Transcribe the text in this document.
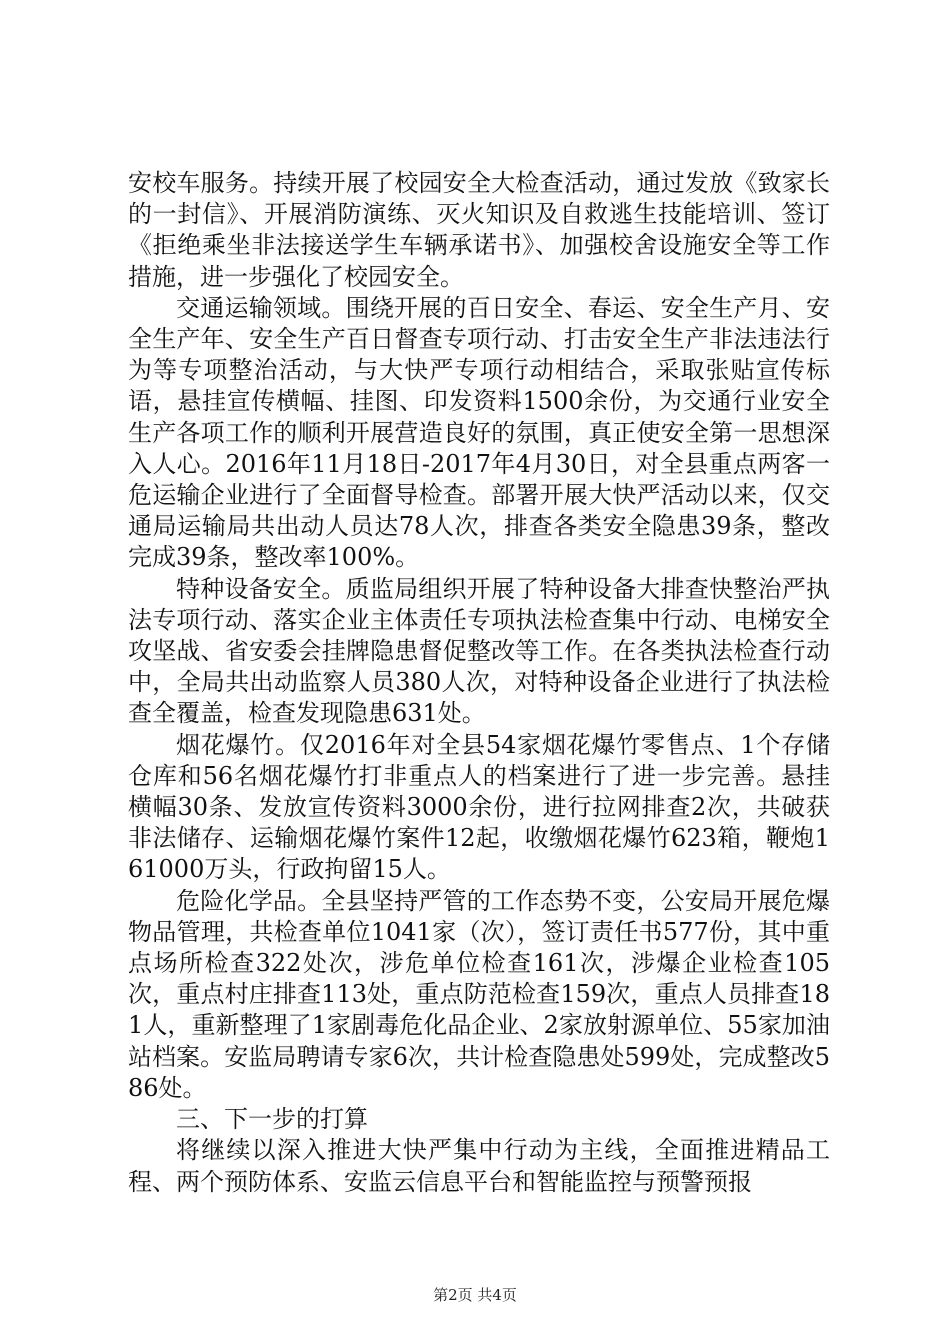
安校车服务。持续开展了校园安全大检查活动，通过发放《致家长的一封信》、开展消防演练、灭火知识及自救逃生技能培训、签订《拒绝乘坐非法接送学生车辆承诺书》、加强校舍设施安全等工作措施，进一步强化了校园安全。

交通运输领域。围绕开展的百日安全、春运、安全生产月、安全生产年、安全生产百日督查专项行动、打击安全生产非法违法行为等专项整治活动，与大快严专项行动相结合，采取张贴宣传标语，悬挂宣传横幅、挂图、印发资料1500余份，为交通行业安全生产各项工作的顺利开展营造良好的氛围，真正使安全第一思想深入人心。2016年11月18日-2017年4月30日，对全县重点两客一危运输企业进行了全面督导检查。部署开展大快严活动以来，仅交通局运输局共出动人员达78人次，排查各类安全隐患39条，整改完成39条，整改率100%。

特种设备安全。质监局组织开展了特种设备大排查快整治严执法专项行动、落实企业主体责任专项执法检查集中行动、电梯安全攻坚战、省安委会挂牌隐患督促整改等工作。在各类执法检查行动中，全局共出动监察人员380人次，对特种设备企业进行了执法检查全覆盖，检查发现隐患631处。

烟花爆竹。仅2016年对全县54家烟花爆竹零售点、1个存储仓库和56名烟花爆竹打非重点人的档案进行了进一步完善。悬挂横幅30条、发放宣传资料3000余份，进行拉网排查2次，共破获非法储存、运输烟花爆竹案件12起，收缴烟花爆竹623箱，鞭炮161000万头，行政拘留15人。

危险化学品。全县坚持严管的工作态势不变，公安局开展危爆物品管理，共检查单位1041家（次），签订责任书577份，其中重点场所检查322处次，涉危单位检查161次，涉爆企业检查105次，重点村庄排查113处，重点防范检查159次，重点人员排查181人，重新整理了1家剧毒危化品企业、2家放射源单位、55家加油站档案。安监局聘请专家6次，共计检查隐患处599处，完成整改586处。

三、下一步的打算

将继续以深入推进大快严集中行动为主线，全面推进精品工程、两个预防体系、安监云信息平台和智能监控与预警预报

第2页 共4页
